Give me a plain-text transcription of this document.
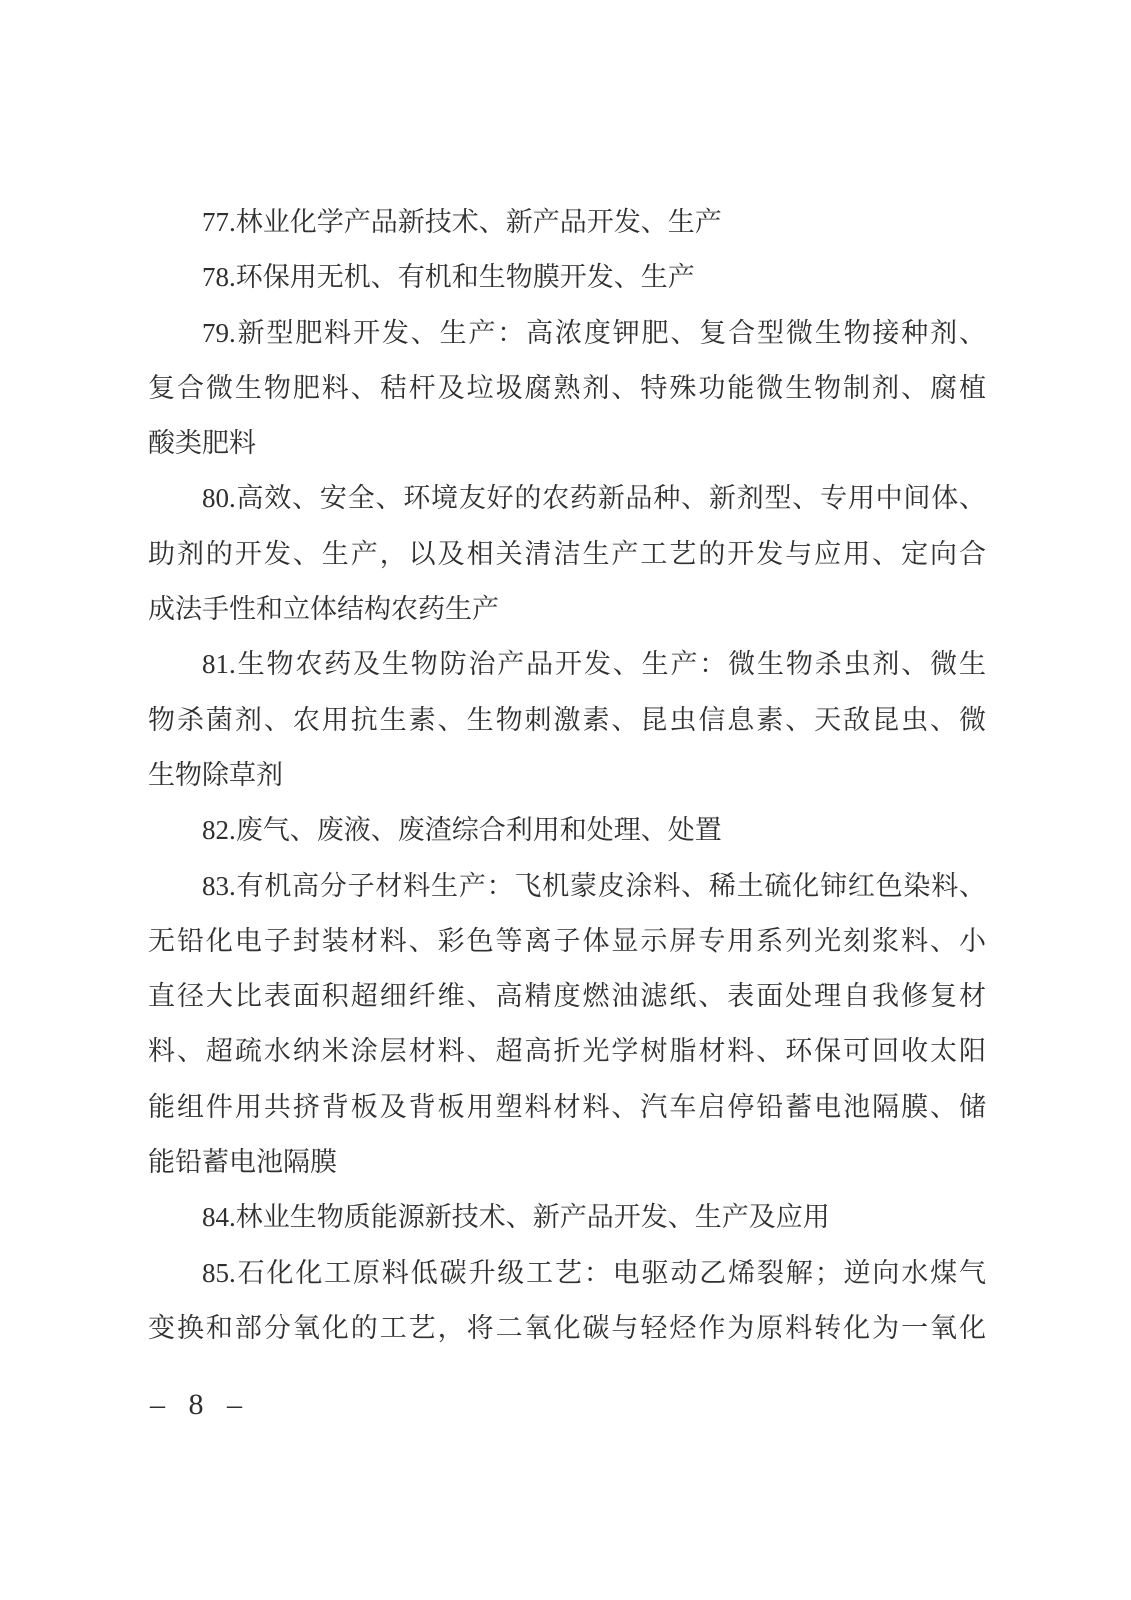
77.林业化学产品新技术、新产品开发、生产
78.环保用无机、有机和生物膜开发、生产
79.新型肥料开发、生产：高浓度钾肥、复合型微生物接种剂、
复合微生物肥料、秸杆及垃圾腐熟剂、特殊功能微生物制剂、腐植
酸类肥料
80.高效、安全、环境友好的农药新品种、新剂型、专用中间体、
助剂的开发、生产，以及相关清洁生产工艺的开发与应用、定向合
成法手性和立体结构农药生产
81.生物农药及生物防治产品开发、生产：微生物杀虫剂、微生
物杀菌剂、农用抗生素、生物刺激素、昆虫信息素、天敌昆虫、微
生物除草剂
82.废气、废液、废渣综合利用和处理、处置
83.有机高分子材料生产：飞机蒙皮涂料、稀土硫化铈红色染料、
无铅化电子封装材料、彩色等离子体显示屏专用系列光刻浆料、小
直径大比表面积超细纤维、高精度燃油滤纸、表面处理自我修复材
料、超疏水纳米涂层材料、超高折光学树脂材料、环保可回收太阳
能组件用共挤背板及背板用塑料材料、汽车启停铅蓄电池隔膜、储
能铅蓄电池隔膜
84.林业生物质能源新技术、新产品开发、生产及应用
85.石化化工原料低碳升级工艺：电驱动乙烯裂解；逆向水煤气
变换和部分氧化的工艺，将二氧化碳与轻烃作为原料转化为一氧化
– 8 –
